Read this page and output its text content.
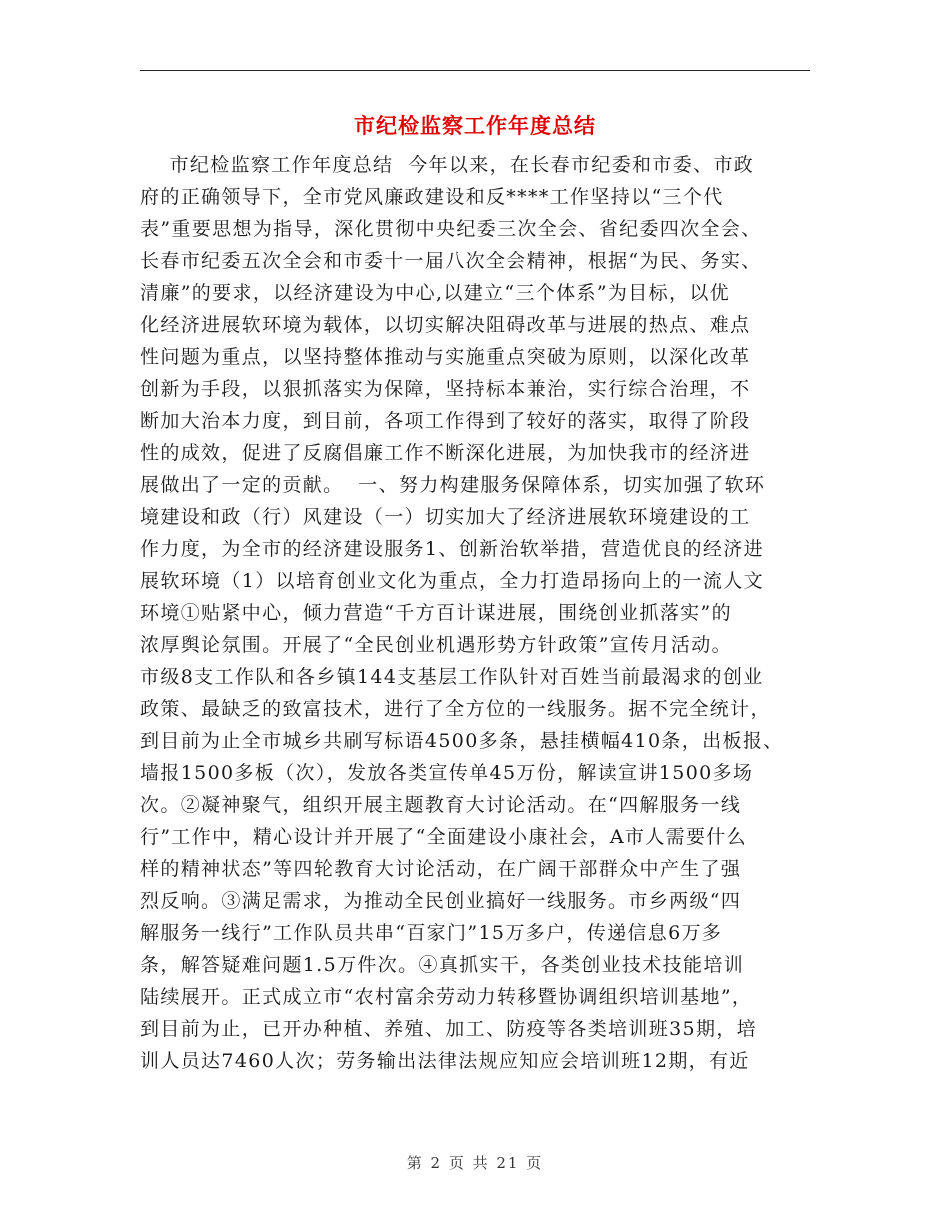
市纪检监察工作年度总结
市纪检监察工作年度总结  今年以来，在长春市纪委和市委、市政
府的正确领导下，全市党风廉政建设和反****工作坚持以“三个代
表”重要思想为指导，深化贯彻中央纪委三次全会、省纪委四次全会、
长春市纪委五次全会和市委十一届八次全会精神，根据“为民、务实、
清廉”的要求，以经济建设为中心,以建立“三个体系”为目标，以优
化经济进展软环境为载体，以切实解决阻碍改革与进展的热点、难点
性问题为重点，以坚持整体推动与实施重点突破为原则，以深化改革
创新为手段，以狠抓落实为保障，坚持标本兼治，实行综合治理，不
断加大治本力度，到目前，各项工作得到了较好的落实，取得了阶段
性的成效，促进了反腐倡廉工作不断深化进展，为加快我市的经济进
展做出了一定的贡献。  一、努力构建服务保障体系，切实加强了软环
境建设和政（行）风建设（一）切实加大了经济进展软环境建设的工
作力度，为全市的经济建设服务1、创新治软举措，营造优良的经济进
展软环境（1）以培育创业文化为重点，全力打造昂扬向上的一流人文
环境①贴紧中心，倾力营造“千方百计谋进展，围绕创业抓落实”的
浓厚舆论氛围。开展了“全民创业机遇形势方针政策”宣传月活动。
市级8支工作队和各乡镇144支基层工作队针对百姓当前最渴求的创业
政策、最缺乏的致富技术，进行了全方位的一线服务。据不完全统计，
到目前为止全市城乡共刷写标语4500多条，悬挂横幅410条，出板报、
墙报1500多板（次），发放各类宣传单45万份，解读宣讲1500多场
次。②凝神聚气，组织开展主题教育大讨论活动。在“四解服务一线
行”工作中，精心设计并开展了“全面建设小康社会，A市人需要什么
样的精神状态”等四轮教育大讨论活动，在广阔干部群众中产生了强
烈反响。③满足需求，为推动全民创业搞好一线服务。市乡两级“四
解服务一线行”工作队员共串“百家门”15万多户，传递信息6万多
条，解答疑难问题1.5万件次。④真抓实干，各类创业技术技能培训
陆续展开。正式成立市“农村富余劳动力转移暨协调组织培训基地”，
到目前为止，已开办种植、养殖、加工、防疫等各类培训班35期，培
训人员达7460人次；劳务输出法律法规应知应会培训班12期，有近
第 2 页 共 21 页
